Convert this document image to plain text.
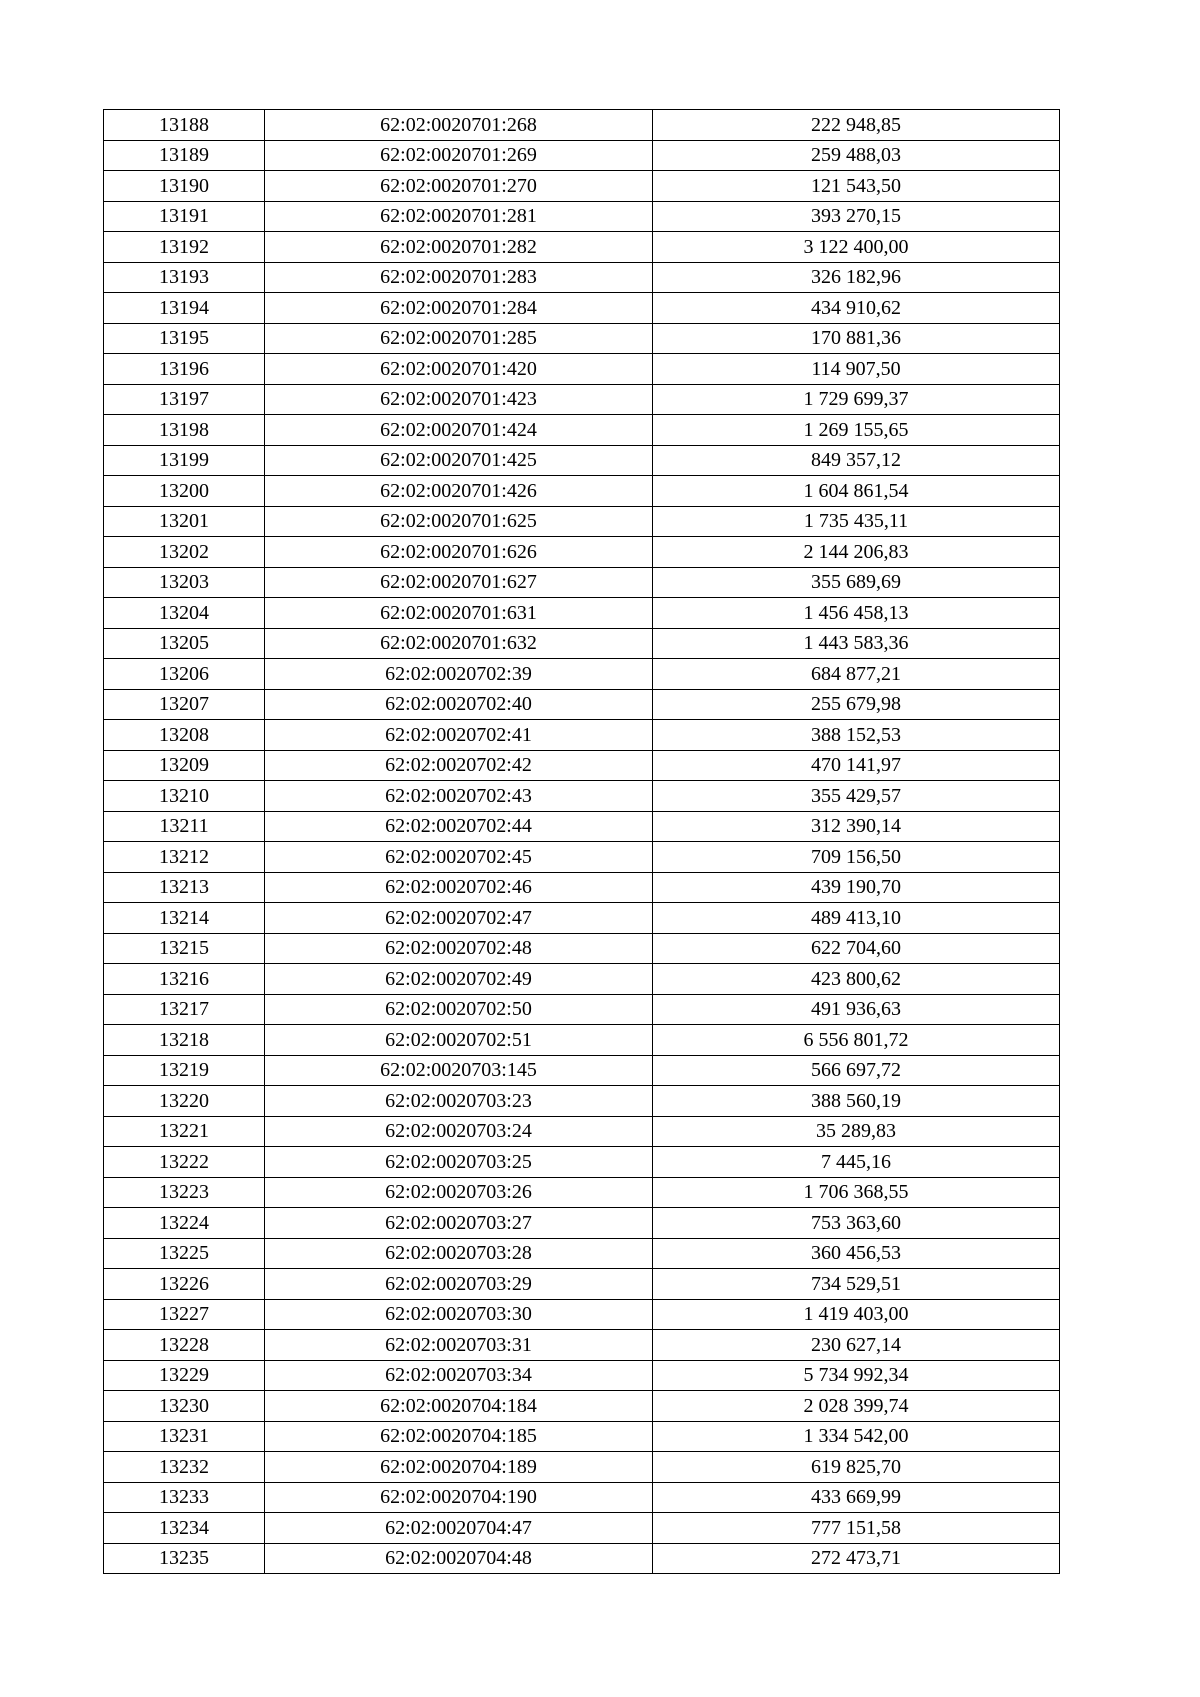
13188	62:02:0020701:268	222 948,85
13189	62:02:0020701:269	259 488,03
13190	62:02:0020701:270	121 543,50
13191	62:02:0020701:281	393 270,15
13192	62:02:0020701:282	3 122 400,00
13193	62:02:0020701:283	326 182,96
13194	62:02:0020701:284	434 910,62
13195	62:02:0020701:285	170 881,36
13196	62:02:0020701:420	114 907,50
13197	62:02:0020701:423	1 729 699,37
13198	62:02:0020701:424	1 269 155,65
13199	62:02:0020701:425	849 357,12
13200	62:02:0020701:426	1 604 861,54
13201	62:02:0020701:625	1 735 435,11
13202	62:02:0020701:626	2 144 206,83
13203	62:02:0020701:627	355 689,69
13204	62:02:0020701:631	1 456 458,13
13205	62:02:0020701:632	1 443 583,36
13206	62:02:0020702:39	684 877,21
13207	62:02:0020702:40	255 679,98
13208	62:02:0020702:41	388 152,53
13209	62:02:0020702:42	470 141,97
13210	62:02:0020702:43	355 429,57
13211	62:02:0020702:44	312 390,14
13212	62:02:0020702:45	709 156,50
13213	62:02:0020702:46	439 190,70
13214	62:02:0020702:47	489 413,10
13215	62:02:0020702:48	622 704,60
13216	62:02:0020702:49	423 800,62
13217	62:02:0020702:50	491 936,63
13218	62:02:0020702:51	6 556 801,72
13219	62:02:0020703:145	566 697,72
13220	62:02:0020703:23	388 560,19
13221	62:02:0020703:24	35 289,83
13222	62:02:0020703:25	7 445,16
13223	62:02:0020703:26	1 706 368,55
13224	62:02:0020703:27	753 363,60
13225	62:02:0020703:28	360 456,53
13226	62:02:0020703:29	734 529,51
13227	62:02:0020703:30	1 419 403,00
13228	62:02:0020703:31	230 627,14
13229	62:02:0020703:34	5 734 992,34
13230	62:02:0020704:184	2 028 399,74
13231	62:02:0020704:185	1 334 542,00
13232	62:02:0020704:189	619 825,70
13233	62:02:0020704:190	433 669,99
13234	62:02:0020704:47	777 151,58
13235	62:02:0020704:48	272 473,71
